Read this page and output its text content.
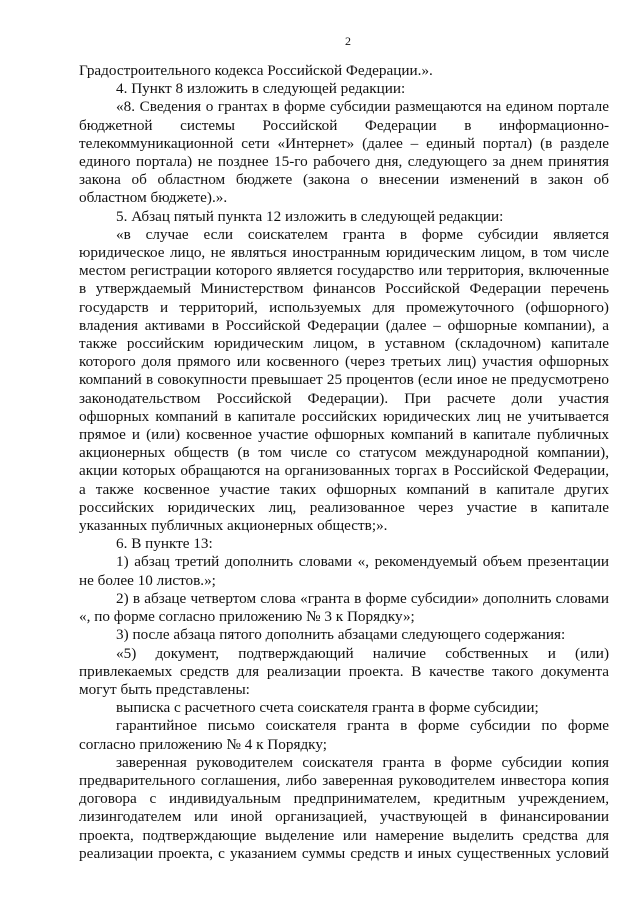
2

Градостроительного кодекса Российской Федерации.».

4. Пункт 8 изложить в следующей редакции:

«8. Сведения о грантах в форме субсидии размещаются на едином портале бюджетной системы Российской Федерации в информационно-телекоммуникационной сети «Интернет» (далее – единый портал) (в разделе единого портала) не позднее 15-го рабочего дня, следующего за днем принятия закона об областном бюджете (закона о внесении изменений в закон об областном бюджете).».

5. Абзац пятый пункта 12 изложить в следующей редакции:

«в случае если соискателем гранта в форме субсидии является юридическое лицо, не являться иностранным юридическим лицом, в том числе местом регистрации которого является государство или территория, включенные в утверждаемый Министерством финансов Российской Федерации перечень государств и территорий, используемых для промежуточного (офшорного) владения активами в Российской Федерации (далее – офшорные компании), а также российским юридическим лицом, в уставном (складочном) капитале которого доля прямого или косвенного (через третьих лиц) участия офшорных компаний в совокупности превышает 25 процентов (если иное не предусмотрено законодательством Российской Федерации). При расчете доли участия офшорных компаний в капитале российских юридических лиц не учитывается прямое и (или) косвенное участие офшорных компаний в капитале публичных акционерных обществ (в том числе со статусом международной компании), акции которых обращаются на организованных торгах в Российской Федерации, а также косвенное участие таких офшорных компаний в капитале других российских юридических лиц, реализованное через участие в капитале указанных публичных акционерных обществ;».

6. В пункте 13:

1) абзац третий дополнить словами «, рекомендуемый объем презентации не более 10 листов.»;

2) в абзаце четвертом слова «гранта в форме субсидии» дополнить словами «, по форме согласно приложению № 3 к Порядку»;

3) после абзаца пятого дополнить абзацами следующего содержания:

«5) документ, подтверждающий наличие собственных и (или) привлекаемых средств для реализации проекта. В качестве такого документа могут быть представлены:

выписка с расчетного счета соискателя гранта в форме субсидии;

гарантийное письмо соискателя гранта в форме субсидии по форме согласно приложению № 4 к Порядку;

заверенная руководителем соискателя гранта в форме субсидии копия предварительного соглашения, либо заверенная руководителем инвестора копия договора с индивидуальным предпринимателем, кредитным учреждением, лизингодателем или иной организацией, участвующей в финансировании проекта, подтверждающие выделение или намерение выделить средства для реализации проекта, с указанием суммы средств и иных существенных условий
